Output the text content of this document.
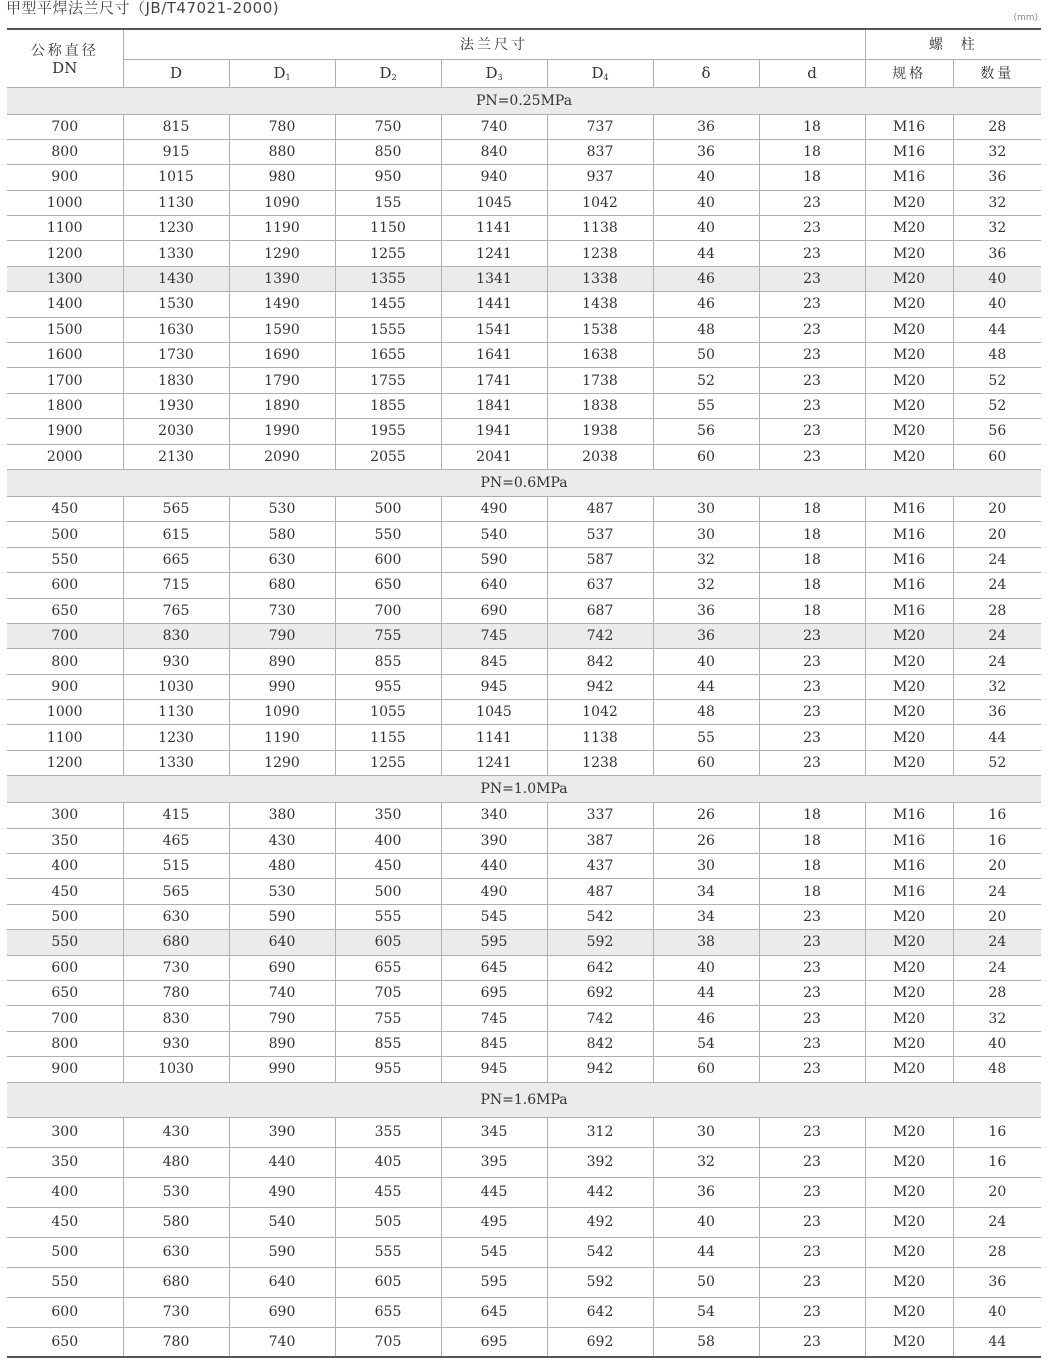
甲型平焊法兰尺寸（JB/T47021-2000)
(mm)
公称直径
DN	法兰尺寸							螺  柱	
	D	$D_1$	$D_2$	$D_3$	$D_4$	δ	d	规格	数量
PN=0.25MPa									
700	815	780	750	740	737	36	18	M16	28
800	915	880	850	840	837	36	18	M16	32
900	1015	980	950	940	937	40	18	M16	36
1000	1130	1090	155	1045	1042	40	23	M20	32
1100	1230	1190	1150	1141	1138	40	23	M20	32
1200	1330	1290	1255	1241	1238	44	23	M20	36
1300	1430	1390	1355	1341	1338	46	23	M20	40
1400	1530	1490	1455	1441	1438	46	23	M20	40
1500	1630	1590	1555	1541	1538	48	23	M20	44
1600	1730	1690	1655	1641	1638	50	23	M20	48
1700	1830	1790	1755	1741	1738	52	23	M20	52
1800	1930	1890	1855	1841	1838	55	23	M20	52
1900	2030	1990	1955	1941	1938	56	23	M20	56
2000	2130	2090	2055	2041	2038	60	23	M20	60
PN=0.6MPa									
450	565	530	500	490	487	30	18	M16	20
500	615	580	550	540	537	30	18	M16	20
550	665	630	600	590	587	32	18	M16	24
600	715	680	650	640	637	32	18	M16	24
650	765	730	700	690	687	36	18	M16	28
700	830	790	755	745	742	36	23	M20	24
800	930	890	855	845	842	40	23	M20	24
900	1030	990	955	945	942	44	23	M20	32
1000	1130	1090	1055	1045	1042	48	23	M20	36
1100	1230	1190	1155	1141	1138	55	23	M20	44
1200	1330	1290	1255	1241	1238	60	23	M20	52
PN=1.0MPa									
300	415	380	350	340	337	26	18	M16	16
350	465	430	400	390	387	26	18	M16	16
400	515	480	450	440	437	30	18	M16	20
450	565	530	500	490	487	34	18	M16	24
500	630	590	555	545	542	34	23	M20	20
550	680	640	605	595	592	38	23	M20	24
600	730	690	655	645	642	40	23	M20	24
650	780	740	705	695	692	44	23	M20	28
700	830	790	755	745	742	46	23	M20	32
800	930	890	855	845	842	54	23	M20	40
900	1030	990	955	945	942	60	23	M20	48
PN=1.6MPa									
300	430	390	355	345	312	30	23	M20	16
350	480	440	405	395	392	32	23	M20	16
400	530	490	455	445	442	36	23	M20	20
450	580	540	505	495	492	40	23	M20	24
500	630	590	555	545	542	44	23	M20	28
550	680	640	605	595	592	50	23	M20	36
600	730	690	655	645	642	54	23	M20	40
650	780	740	705	695	692	58	23	M20	44
